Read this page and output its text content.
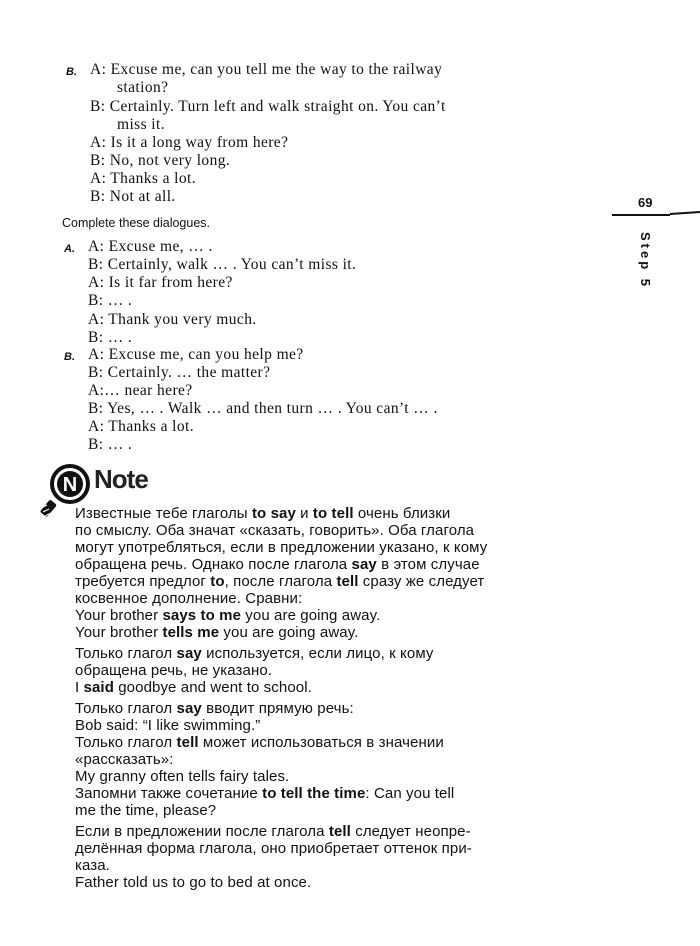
B. A: Excuse me, can you tell me the way to the railway
station?
B: Certainly. Turn left and walk straight on. You can’t
miss it.
A: Is it a long way from here?
B: No, not very long.
A: Thanks a lot.
B: Not at all.	69
Step 5
Complete these dialogues.
A. A: Excuse me, … .
B: Certainly, walk … . You can’t miss it.
A: Is it far from here?
B: … .
A: Thank you very much.
B: … .
B. A: Excuse me, can you help me?
B: Certainly. … the matter?
A:… near here?
B: Yes, … . Walk … and then turn … . You can’t … .
A: Thanks a lot.
B: … .
N Note
Известные тебе глаголы to say и to tell очень близки
по смыслу. Оба значат «сказать, говорить». Оба глагола
могут употребляться, если в предложении указано, к кому
обращена речь. Однако после глагола say в этом случае
требуется предлог to, после глагола tell сразу же следует
косвенное дополнение. Сравни:
Your brother says to me you are going away.
Your brother tells me you are going away.
Только глагол say используется, если лицо, к кому
обращена речь, не указано.
I said goodbye and went to school.
Только глагол say вводит прямую речь:
Bob said: “I like swimming.”
Только глагол tell может использоваться в значении
«рассказать»:
My granny often tells fairy tales.
Запомни также сочетание to tell the time: Can you tell
me the time, please?
Если в предложении после глагола tell следует неопре-
делённая форма глагола, оно приобретает оттенок при-
каза.
Father told us to go to bed at once.
